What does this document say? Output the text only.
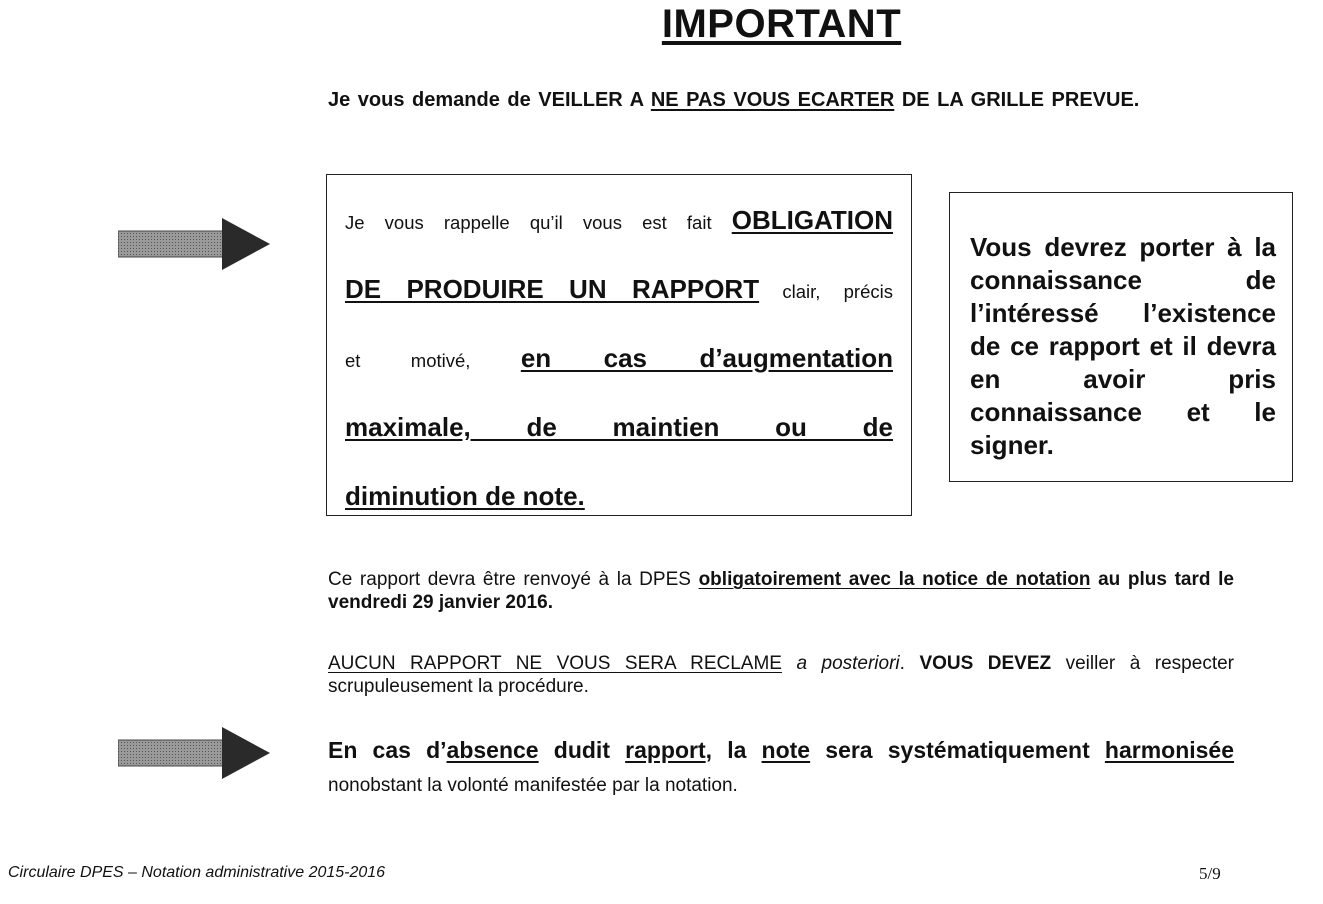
IMPORTANT
Je vous demande de VEILLER A NE PAS VOUS ECARTER DE LA GRILLE PREVUE.
Je vous rappelle qu’il vous est fait OBLIGATION
DE PRODUIRE UN RAPPORT clair, précis
et motivé, en cas d’augmentation
maximale, de maintien ou de
diminution de note.
Vous devrez porter à la connaissance de l’intéressé l’existence de ce rapport et il devra en avoir pris connaissance et le signer.
Ce rapport devra être renvoyé à la DPES obligatoirement avec la notice de notation au plus tard le vendredi 29 janvier 2016.
AUCUN RAPPORT NE VOUS SERA RECLAME a posteriori. VOUS DEVEZ veiller à respecter scrupuleusement la procédure.
En cas d’absence dudit rapport, la note sera systématiquement harmonisée nonobstant la volonté manifestée par la notation.
Circulaire DPES – Notation administrative 2015-2016	5/9
